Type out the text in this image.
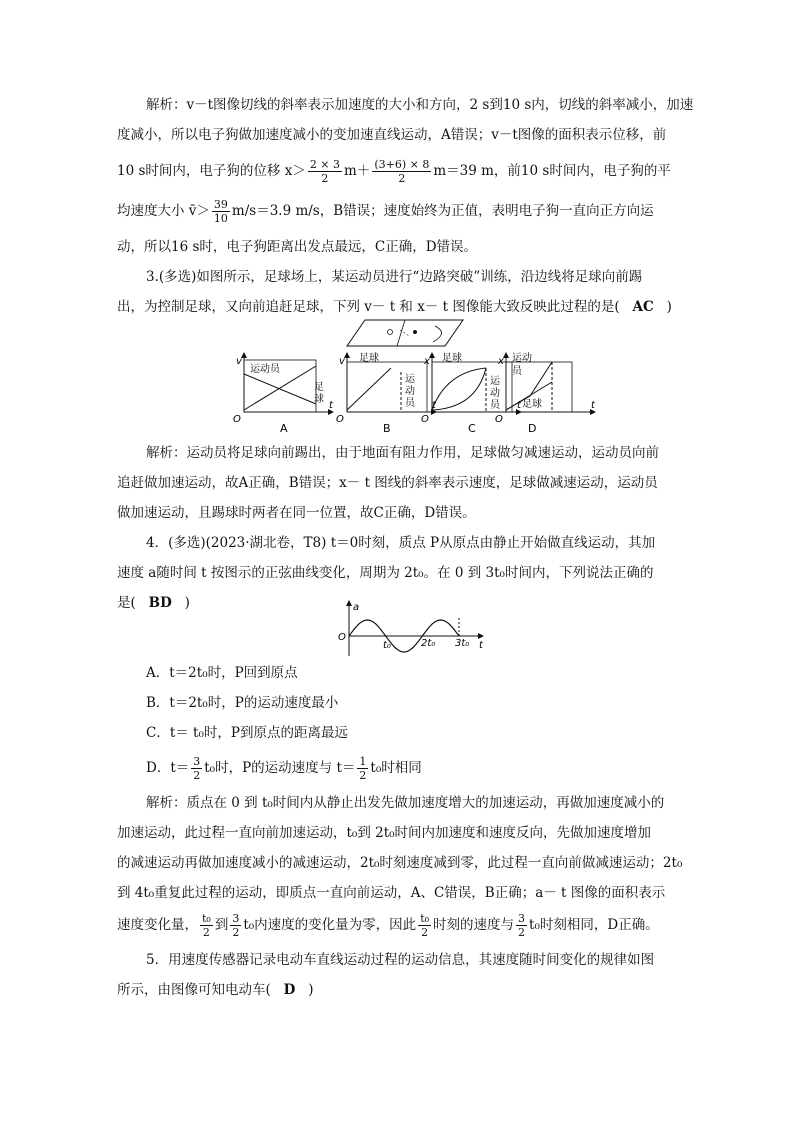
解析：v－t图像切线的斜率表示加速度的大小和方向，2 s到10 s内，切线的斜率减小，加速
度减小，所以电子狗做加速度减小的变加速直线运动，A错误；v－t图像的面积表示位移，前
10 s时间内，电子狗的位移 $x> \frac{2 \times 3}{2} m+ \frac{(3+6) \times 8}{2} m=39$ m，前10 s时间内，电子狗的平
均速度大小 v̄＞ $\frac{39}{10} m/s=3.9$ m/s，B错误；速度始终为正值，表明电子狗一直向正方向运
动，所以16 s时，电子狗距离出发点最远，C正确，D错误。
3.(多选)如图所示，足球场上，某运动员进行“边路突破”训练，沿边线将足球向前踢
出，为控制足球，又向前追赶足球，下列 v－ t 和 x－ t 图像能大致反映此过程的是( AC )
v
t
O
运动员
足
球
A
v
t
O
足球
运
动
员
B
x
t
O
足球
运
动
员
C
x
t
O
运动
员
足球
D
解析：运动员将足球向前踢出，由于地面有阻力作用，足球做匀减速运动，运动员向前
追赶做加速运动，故A正确，B错误；x－ t 图线的斜率表示速度，足球做减速运动，运动员
做加速运动，且踢球时两者在同一位置，故C正确，D错误。
4．(多选)(2023·湖北卷，T8) t＝0时刻，质点 P从原点由静止开始做直线运动，其加
速度 a随时间 t 按图示的正弦曲线变化，周期为 2t₀。在 0 到 3t₀时间内，下列说法正确的
是( BD )	a
t
O
t₀	2t₀ 3t₀
A．t＝2t₀时，P回到原点
B．t＝2t₀时，P的运动速度最小
C．t＝ t₀时，P到原点的距离最远
D．$t= \frac{3}{2} t_0$时，P的运动速度与 $t= \frac{1}{2} t_0$时相同
解析：质点在 0 到 t₀时间内从静止出发先做加速度增大的加速运动，再做加速度减小的
加速运动，此过程一直向前加速运动，t₀到 2t₀时间内加速度和速度反向，先做加速度增加
的减速运动再做加速度减小的减速运动，2t₀时刻速度减到零，此过程一直向前做减速运动；2t₀
到 4t₀重复此过程的运动，即质点一直向前运动，A、C错误，B正确；a－ t 图像的面积表示
速度变化量， $\frac{\text{t₀}}{2}$ 到 $\frac{3}{2} t_0$内速度的变化量为零，因此 $\frac{\text{t₀}}{2}$ 时刻的速度与 $\frac{3}{2} t_0$时刻相同，D正确。
5．用速度传感器记录电动车直线运动过程的运动信息，其速度随时间变化的规律如图
所示，由图像可知电动车( D )
